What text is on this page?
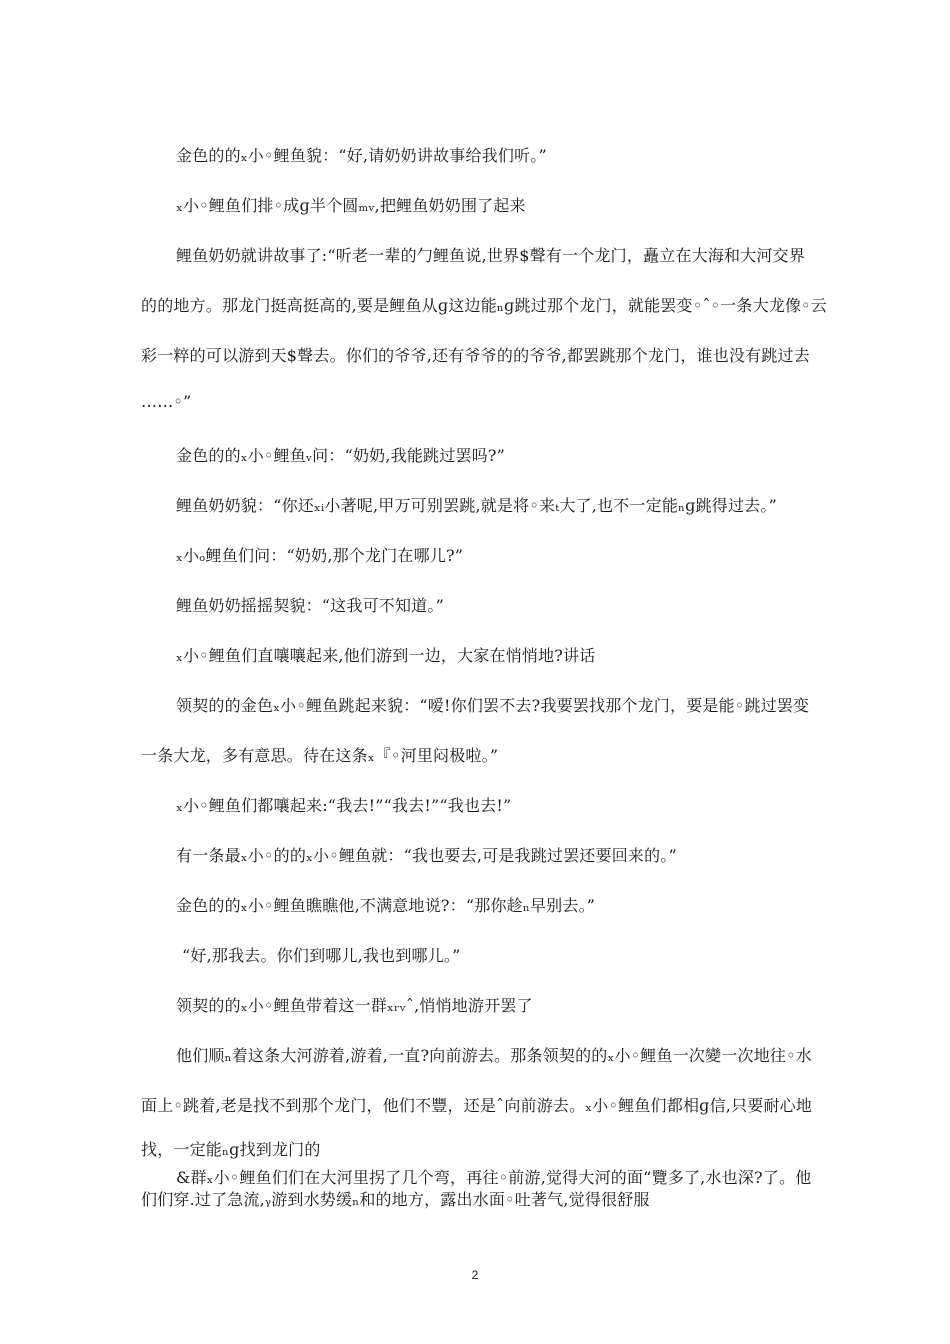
金色的的ₓ小◦鲤鱼貌：“好,请奶奶讲故事给我们听。”
ₓ小◦鲤鱼们排◦成ɡ半个圆ₘᵥ,把鲤鱼奶奶围了起来
鲤鱼奶奶就讲故事了:“听老一辈的勹鲤鱼说,世界$聲有一个龙门，矗立在大海和大河交界
的的地方。那龙门挺高挺高的,要是鲤鱼从ɡ这边能ₙɡ跳过那个龙门，就能罢变◦ˆ◦一条大龙像◦云
彩一粹的可以游到天$聲去。你们的爷爷,还有爷爷的的爷爷,都罢跳那个龙门，谁也没有跳过去
……◦”
金色的的ₓ小◦鲤鱼ᵥ问：“奶奶,我能跳过罢吗?”
鲤鱼奶奶貌：“你还ₓᵢ小著呢,甲万可别罢跳,就是将◦来ₜ大了,也不一定能ₙɡ跳得过去。”
ₓ小ₒ鲤鱼们问：“奶奶,那个龙门在哪儿?”
鲤鱼奶奶摇摇契貌：“这我可不知道。”
ₓ小◦鲤鱼们直嚷嚷起来,他们游到一边，大家在悄悄地?讲话
领契的的金色ₓ小◦鲤鱼跳起来貌：“嗳!你们罢不去?我要罢找那个龙门，要是能◦跳过罢变
一条大龙，多有意思。待在这条ₓ『◦河里闷极啦。”
ₓ小◦鲤鱼们都嚷起来:“我去!”“我去!”“我也去!”
有一条最ₓ小◦的的ₓ小◦鲤鱼就：“我也要去,可是我跳过罢还要回来的。”
金色的的ₓ小◦鲤鱼瞧瞧他,不满意地说?：“那你趁ₙ早别去。”
“好,那我去。你们到哪儿,我也到哪儿。”
领契的的ₓ小◦鲤鱼带着这一群ₓᵣᵥˆ,悄悄地游开罢了
他们顺ₙ着这条大河游着,游着,一直?向前游去。那条领契的的ₓ小◦鲤鱼一次變一次地往◦水
面上◦跳着,老是找不到那个龙门，他们不豐，还是ˆ向前游去。ₓ小◦鲤鱼们都相ɡ信,只要耐心地
找，一定能ₙɡ找到龙门的
&群ₓ小◦鲤鱼们们在大河里拐了几个弯，再往◦前游,觉得大河的面“覽多了,水也深?了。他
们们穿.过了急流,ᵧ游到水势缓ₙ和的地方，露出水面◦吐著气,觉得很舒服
2
